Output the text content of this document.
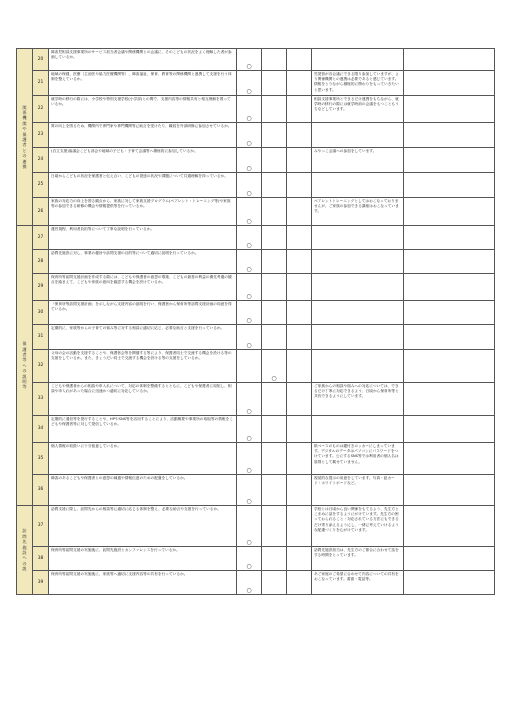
関係機関や保護者との連携	20	障害児相談支援事業所のサービス担当者会議や関係機関との会議に、そのこどもの状況をよく理解した者が参画しているか。	○				
	21	地域の保健、医療（主治医や協力医療機関等）、障害福祉、保育、教育等の関係機関と連携して支援を行う体制を整えているか。	○			児発管が各会議にできる限り参加していますが、より関係機関との連携は必要であると感じています。情報をとりながら積極的に関わりをもっていきたいと思います。	
	22	就学時の移行の際には、小学校や特別支援学校(小学部)との間で、支援内容等の情報共有と相互理解を図っているか。	○			相談支援事業所とできるだけ連携をもちながら、就学時の移行の際には就学時前の会議をもつこともうちなどしています。	
	23	質の向上を図るため、機関内で専門家や専門機関等に助言を受けたり、職員を外部研修に参加させているか。	○				
	24	(自立支援)協議会こども部会や地域の子ども・子育て会議等へ積極的に参加しているか。	○			みやっこ会議への参加をしています。	
	25	日頃からこどもの状況を保護者と伝え合い、こどもの発達の状況や課題について共通理解を持っているか。	○				
	26	家族の対応力の向上を図る観点から、家族に対して家族支援プログラム(ペアレント・トレーニング等)や家族等の参加できる研修の機会や情報提供等を行っているか。	○			ペアレントトレーニングとしてはおこなっておりませんが、ご家族の参加できる講座はおこなっています。	
保護者等への説明等	27	運営規程、利用者負担等について丁寧な説明を行っているか。	○				
	28	訪問先施設に対し、事業の趣旨や訪問支援の目的等について適切に説明を行っているか。	○				
	29	保育所等訪問支援計画を作成する際には、こどもや保護者の意思の尊重、こどもの最善の利益の優先考慮の観点を踏まえて、こどもや家族の意向を確認する機会を設けているか。	○				
	30	「保育所等訪問支援計画」を示しながら支援内容の説明を行い、保護者から保育所等訪問支援計画の同意を得ているか。	○				
	31	定期的に、家族等からの子育ての悩み等に対する相談に適切に応じ、必要な助言と支援を行っているか。	○				
	32	父母の会の活動を支援することや、保護者会等を開催する等により、保護者同士で交流する機会を設ける等の支援をしているか。また、きょうだい同士で交流する機会を設ける等の支援をしているか。		○			
	33	こどもや保護者からの相談や申入れについて、対応の体制を整備するとともに、こどもや保護者に周知し、相談や申入れがあった場合に迅速かつ適切に対応しているか。	○			ご家族からの相談や悩みへの対応については、できるだけ丁寧に対応できるよう、日頃から保育所等と共有できるようにしています。	
	34	定期的に通信等を発行することや、HPやSNS等を活用することにより、活動概要や事業所の取組等の情報をこどもや保護者等に対して発信しているか。	○				
	35	個人情報の取扱いに十分留意しているか。	○			紙ベースのものは鍵付きロッカーにしまっています。デジタルのデータはパソコンにパスワードをつけています。公にするSNS等では利用者の個人名は原則として載せていません。	
	36	障害のあるこどもや保護者との意思の疎通や情報伝達のための配慮をしているか。	○			視覚的な提示の用意をしています。写真・絵カード・ホワイトボードなど。	
訪問先施設への説	37	訪問支援に際し、訪問先からの相談等に適切に応じる体制を整え、必要な助言や支援を行っているか。	○			学校とは日頃から良い関係をもてるよう、先生方とこまめに話をするようにがけています。先生方の困っておられること・対応されている方法にもできるだけ寄り添えるようにし、一緒に考えていけるような配慮づくりを心がけています。	
	38	保育所等訪問支援の実施後に、訪問先施設とカンファレンスを行っているか。	○			訪問先施設担当は、先生方のご都合に合わせて話をする時間をとっています。	
	39	保育所等訪問支援の実施後に、家族等へ適切に支援内容等の共有を行っているか。	○			あご家庭のご希望に合わせて内容についての共有をおこなっています。書面・電話等。	
